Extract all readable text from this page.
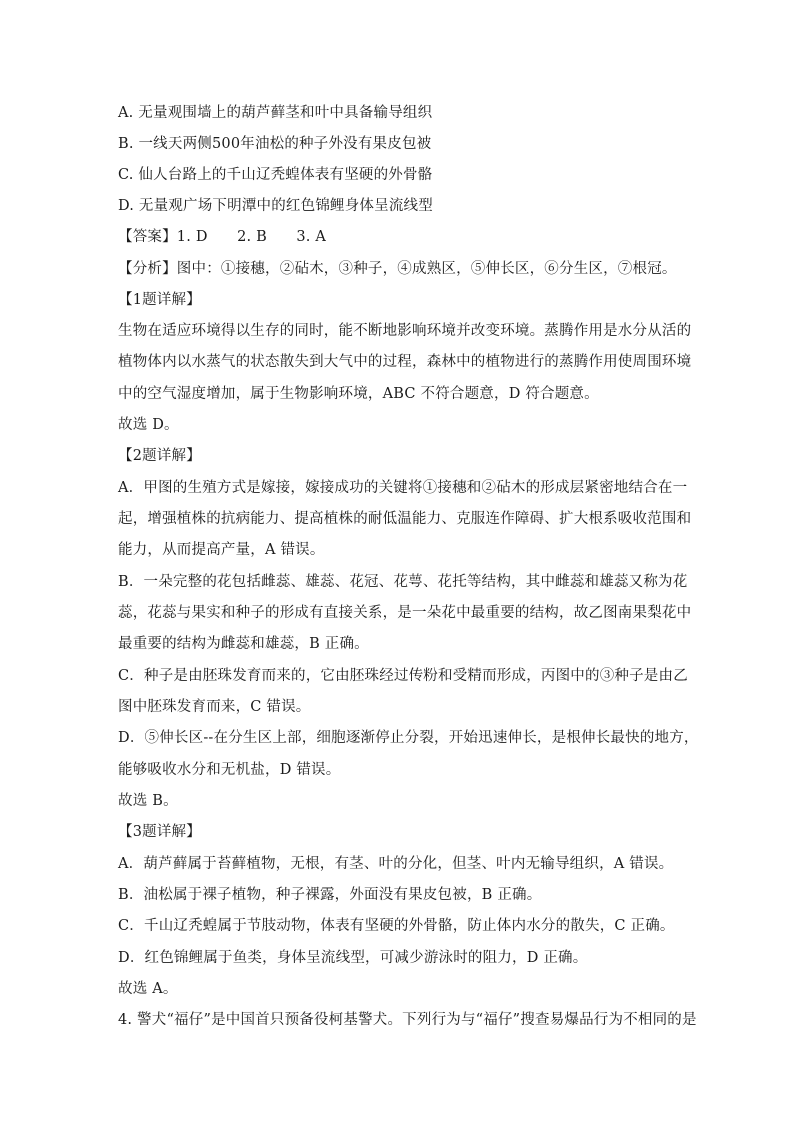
A. 无量观围墙上的葫芦藓茎和叶中具备输导组织
B. 一线天两侧500年油松的种子外没有果皮包被
C. 仙人台路上的千山辽秃蝗体表有坚硬的外骨骼
D. 无量观广场下明潭中的红色锦鲤身体呈流线型
【答案】1. D　　2. B　　3. A
【分析】图中：①接穗，②砧木，③种子，④成熟区，⑤伸长区，⑥分生区，⑦根冠。
【1题详解】
生物在适应环境得以生存的同时，能不断地影响环境并改变环境。蒸腾作用是水分从活的
植物体内以水蒸气的状态散失到大气中的过程，森林中的植物进行的蒸腾作用使周围环境
中的空气湿度增加，属于生物影响环境，ABC 不符合题意，D 符合题意。
故选 D。
【2题详解】
A．甲图的生殖方式是嫁接，嫁接成功的关键将①接穗和②砧木的形成层紧密地结合在一
起，增强植株的抗病能力、提高植株的耐低温能力、克服连作障碍、扩大根系吸收范围和
能力，从而提高产量，A 错误。
B．一朵完整的花包括雌蕊、雄蕊、花冠、花萼、花托等结构，其中雌蕊和雄蕊又称为花
蕊，花蕊与果实和种子的形成有直接关系，是一朵花中最重要的结构，故乙图南果梨花中
最重要的结构为雌蕊和雄蕊，B 正确。
C．种子是由胚珠发育而来的，它由胚珠经过传粉和受精而形成，丙图中的③种子是由乙
图中胚珠发育而来，C 错误。
D．⑤伸长区--在分生区上部，细胞逐渐停止分裂，开始迅速伸长，是根伸长最快的地方，
能够吸收水分和无机盐，D 错误。
故选 B。
【3题详解】
A．葫芦藓属于苔藓植物，无根，有茎、叶的分化，但茎、叶内无输导组织，A 错误。
B．油松属于裸子植物，种子裸露，外面没有果皮包被，B 正确。
C．千山辽秃蝗属于节肢动物，体表有坚硬的外骨骼，防止体内水分的散失，C 正确。
D．红色锦鲤属于鱼类，身体呈流线型，可减少游泳时的阻力，D 正确。
故选 A。
4. 警犬“福仔”是中国首只预备役柯基警犬。下列行为与“福仔”搜查易爆品行为不相同的是
